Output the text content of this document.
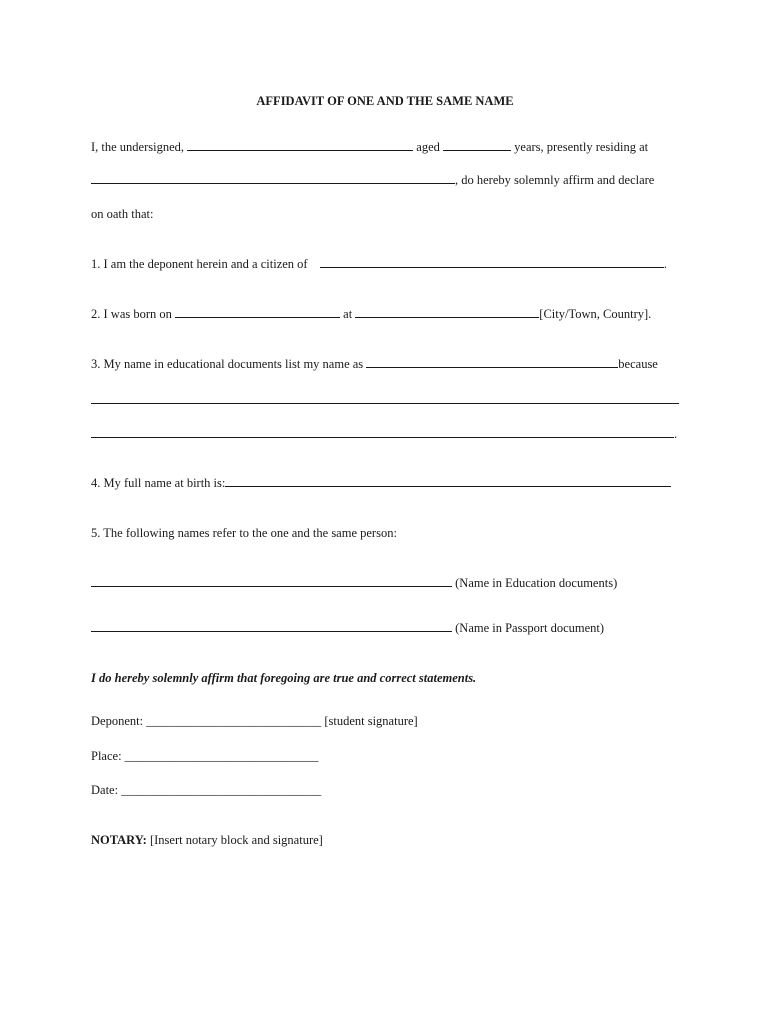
AFFIDAVIT OF ONE AND THE SAME NAME
I, the undersigned,	aged	years, presently residing at
, do hereby solemnly affirm and declare
on oath that:
1. I am the deponent herein and a citizen of	.
2. I was born on	at	[City/Town, Country].
3. My name in educational documents list my name as	because
.
4. My full name at birth is:
5. The following names refer to the one and the same person:
(Name in Education documents)
(Name in Passport document)
I do hereby solemnly affirm that foregoing are true and correct statements.
Deponent: ____________________________ [student signature]
Place: _______________________________
Date: ________________________________
NOTARY: [Insert notary block and signature]
